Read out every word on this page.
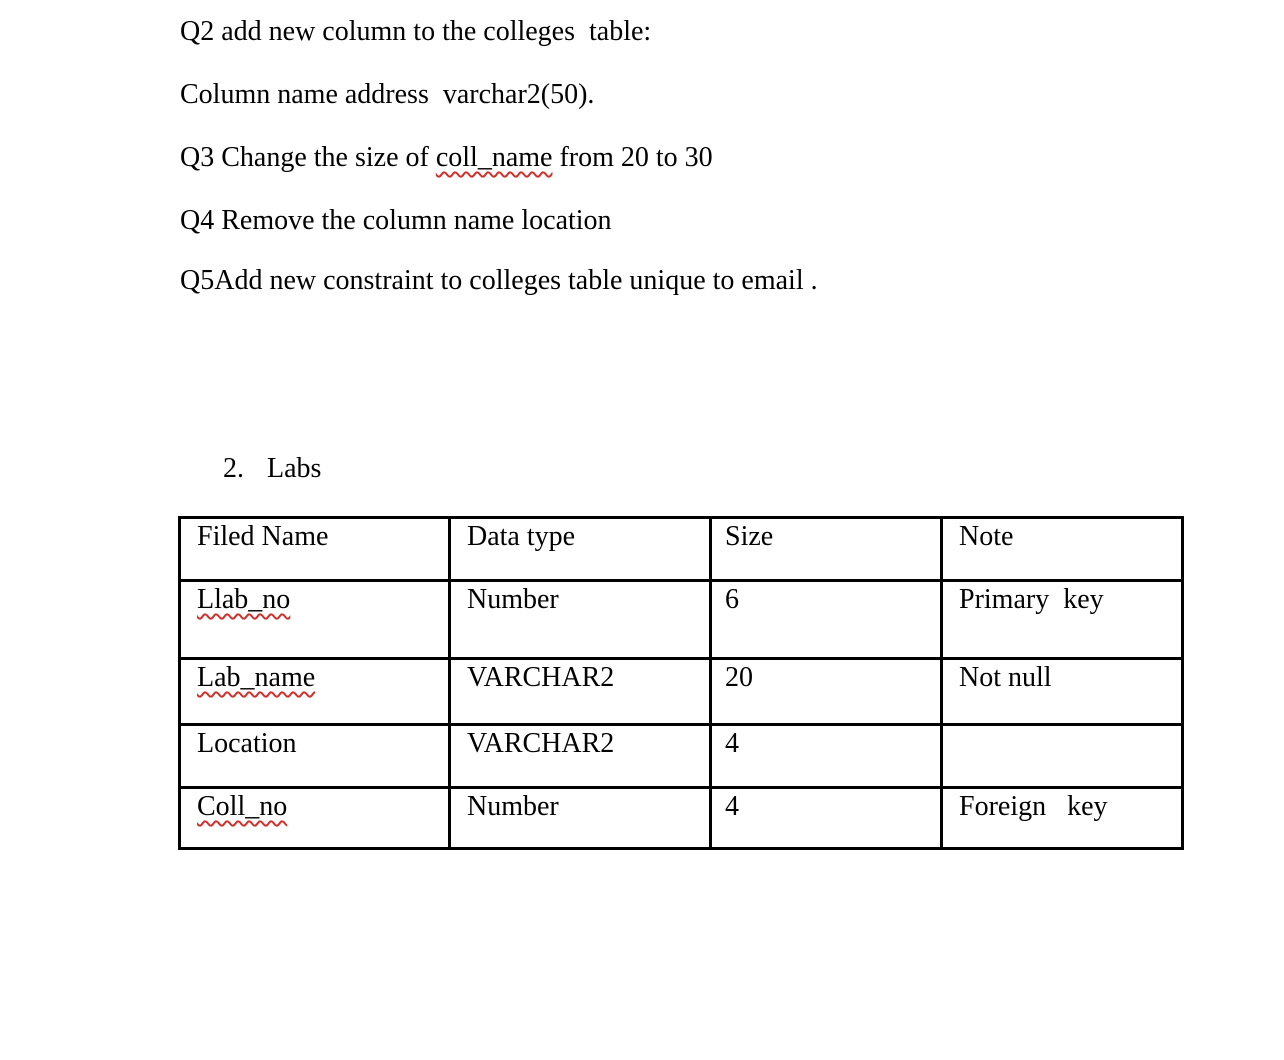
Q2 add new column to the colleges  table:

Column name address  varchar2(50).

Q3 Change the size of coll_name from 20 to 30

Q4 Remove the column name location

Q5Add new constraint to colleges table unique to email .

2. Labs

Filed Name	Data type	Size	Note
Llab_no	Number	6	Primary  key
Lab_name	VARCHAR2	20	Not null
Location	VARCHAR2	4	
Coll_no	Number	4	Foreign   key
